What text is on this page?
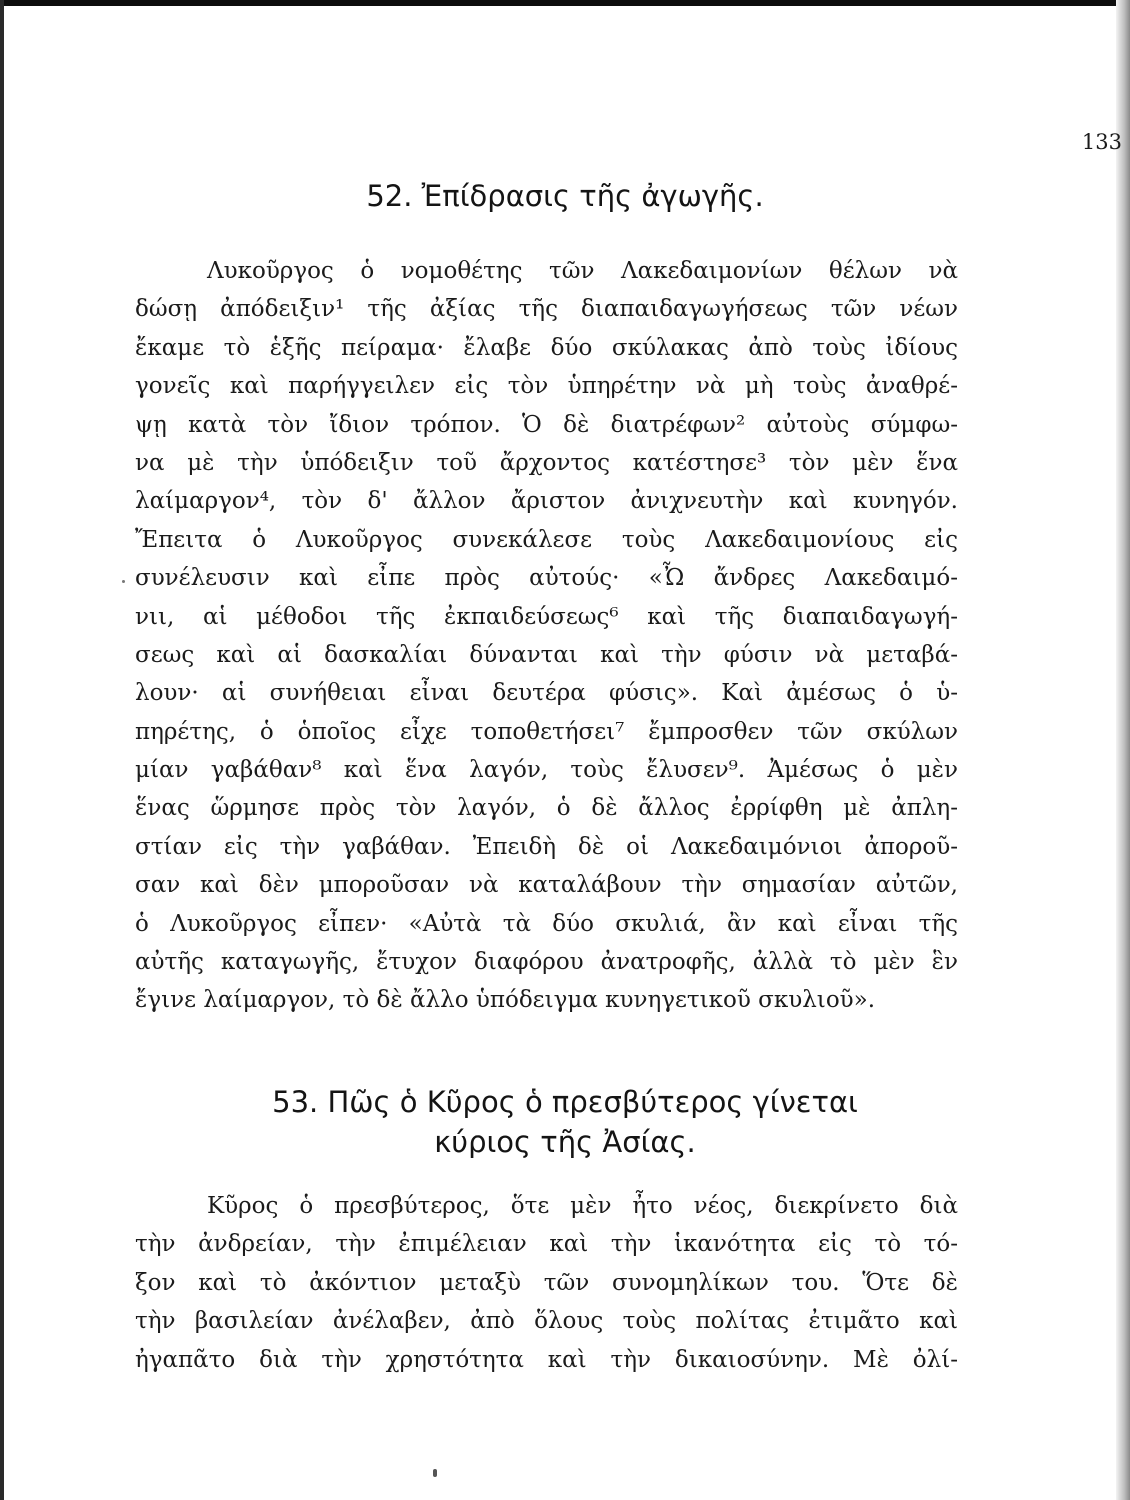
133
52. Ἐπίδρασις τῆς ἀγωγῆς.

Λυκοῦργος ὁ νομοθέτης τῶν Λακεδαιμονίων θέλων νὰ
δώσῃ ἀπόδειξιν¹ τῆς ἀξίας τῆς διαπαιδαγωγήσεως τῶν νέων
ἔκαμε τὸ ἑξῆς πείραμα· ἔλαβε δύο σκύλακας ἀπὸ τοὺς ἰδίους
γονεῖς καὶ παρήγγειλεν εἰς τὸν ὑπηρέτην νὰ μὴ τοὺς ἀναθρέ-
ψῃ κατὰ τὸν ἴδιον τρόπον. Ὁ δὲ διατρέφων² αὐτοὺς σύμφω-
να μὲ τὴν ὑπόδειξιν τοῦ ἄρχοντος κατέστησε³ τὸν μὲν ἕνα
λαίμαργον⁴, τὸν δ' ἄλλον ἄριστον ἀνιχνευτὴν καὶ κυνηγόν.
Ἔπειτα ὁ Λυκοῦργος συνεκάλεσε τοὺς Λακεδαιμονίους εἰς
συνέλευσιν καὶ εἶπε πρὸς αὐτούς· «Ὦ ἄνδρες Λακεδαιμό-
νιι, αἱ μέθοδοι τῆς ἐκπαιδεύσεως⁶ καὶ τῆς διαπαιδαγωγή-
σεως καὶ αἱ δασκαλίαι δύνανται καὶ τὴν φύσιν νὰ μεταβά-
λουν· αἱ συνήθειαι εἶναι δευτέρα φύσις». Καὶ ἀμέσως ὁ ὑ-
πηρέτης, ὁ ὁποῖος εἶχε τοποθετήσει⁷ ἔμπροσθεν τῶν σκύλων
μίαν γαβάθαν⁸ καὶ ἕνα λαγόν, τοὺς ἔλυσεν⁹. Ἀμέσως ὁ μὲν
ἕνας ὥρμησε πρὸς τὸν λαγόν, ὁ δὲ ἄλλος ἐρρίφθη μὲ ἀπλη-
στίαν εἰς τὴν γαβάθαν. Ἐπειδὴ δὲ οἱ Λακεδαιμόνιοι ἀποροῦ-
σαν καὶ δὲν μποροῦσαν νὰ καταλάβουν τὴν σημασίαν αὐτῶν,
ὁ Λυκοῦργος εἶπεν· «Αὐτὰ τὰ δύο σκυλιά, ἂν καὶ εἶναι τῆς
αὐτῆς καταγωγῆς, ἔτυχον διαφόρου ἀνατροφῆς, ἀλλὰ τὸ μὲν ἓν
ἔγινε λαίμαργον, τὸ δὲ ἄλλο ὑπόδειγμα κυνηγετικοῦ σκυλιοῦ».

53. Πῶς ὁ Κῦρος ὁ πρεσβύτερος γίνεται
κύριος τῆς Ἀσίας.

Κῦρος ὁ πρεσβύτερος, ὅτε μὲν ἦτο νέος, διεκρίνετο διὰ
τὴν ἀνδρείαν, τὴν ἐπιμέλειαν καὶ τὴν ἱκανότητα εἰς τὸ τό-
ξον καὶ τὸ ἀκόντιον μεταξὺ τῶν συνομηλίκων του. Ὅτε δὲ
τὴν βασιλείαν ἀνέλαβεν, ἀπὸ ὅλους τοὺς πολίτας ἐτιμᾶτο καὶ
ἠγαπᾶτο διὰ τὴν χρηστότητα καὶ τὴν δικαιοσύνην. Μὲ ὀλί-
